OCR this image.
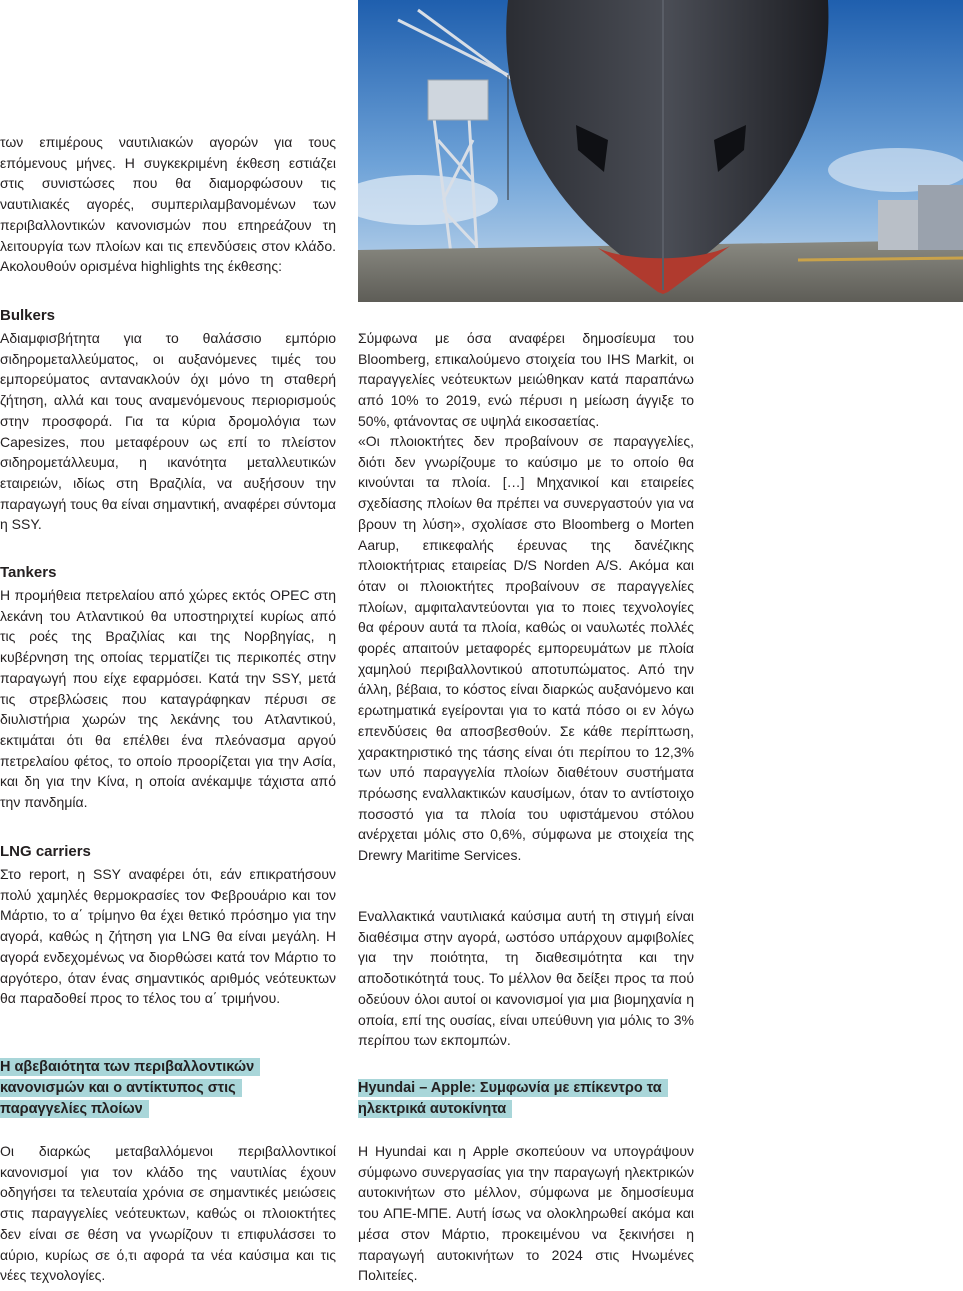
των επιμέρους ναυτιλιακών αγορών για τους επόμενους μήνες. Η συγκεκριμένη έκθεση εστιάζει στις συνιστώσες που θα διαμορφώσουν τις ναυτιλιακές αγορές, συμπεριλαμβανομένων των περιβαλλοντικών κανονισμών που επηρεάζουν τη λειτουργία των πλοίων και τις επενδύσεις στον κλάδο. Ακολουθούν ορισμένα highlights της έκθεσης:

Bulkers

Αδιαμφισβήτητα για το θαλάσσιο εμπόριο σιδηρομεταλλεύματος, οι αυξανόμενες τιμές του εμπορεύματος αντανακλούν όχι μόνο τη σταθερή ζήτηση, αλλά και τους αναμενόμενους περιορισμούς στην προσφορά. Για τα κύρια δρομολόγια των Capesizes, που μεταφέρουν ως επί το πλείστον σιδηρομετάλλευμα, η ικανότητα μεταλλευτικών εταιρειών, ιδίως στη Βραζιλία, να αυξήσουν την παραγωγή τους θα είναι σημαντική, αναφέρει σύντομα η SSY.

Tankers

Η προμήθεια πετρελαίου από χώρες εκτός OPEC στη λεκάνη του Ατλαντικού θα υποστηριχτεί κυρίως από τις ροές της Βραζιλίας και της Νορβηγίας, η κυβέρνηση της οποίας τερματίζει τις περικοπές στην παραγωγή που είχε εφαρμόσει. Κατά την SSY, μετά τις στρεβλώσεις που καταγράφηκαν πέρυσι σε διυλιστήρια χωρών της λεκάνης του Ατλαντικού, εκτιμάται ότι θα επέλθει ένα πλεόνασμα αργού πετρελαίου φέτος, το οποίο προορίζεται για την Ασία, και δη για την Κίνα, η οποία ανέκαμψε τάχιστα από την πανδημία.

LNG carriers

Στο report, η SSY αναφέρει ότι, εάν επικρατήσουν πολύ χαμηλές θερμοκρασίες τον Φεβρουάριο και τον Μάρτιο, το α΄ τρίμηνο θα έχει θετικό πρόσημο για την αγορά, καθώς η ζήτηση για LNG θα είναι μεγάλη. Η αγορά ενδεχομένως να διορθώσει κατά τον Μάρτιο το αργότερο, όταν ένας σημαντικός αριθμός νεότευκτων θα παραδοθεί προς το τέλος του α΄ τριμήνου.

Η αβεβαιότητα των περιβαλλοντικών κανονισμών και ο αντίκτυπος στις παραγγελίες πλοίων

Οι διαρκώς μεταβαλλόμενοι περιβαλλοντικοί κανονισμοί για τον κλάδο της ναυτιλίας έχουν οδηγήσει τα τελευταία χρόνια σε σημαντικές μειώσεις στις παραγγελίες νεότευκτων, καθώς οι πλοιοκτήτες δεν είναι σε θέση να γνωρίζουν τι επιφυλάσσει το αύριο, κυρίως σε ό,τι αφορά τα νέα καύσιμα και τις νέες τεχνολογίες.

Σύμφωνα με όσα αναφέρει δημοσίευμα του Bloomberg, επικαλούμενο στοιχεία του IHS Markit, οι παραγγελίες νεότευκτων μειώθηκαν κατά παραπάνω από 10% το 2019, ενώ πέρυσι η μείωση άγγιξε το 50%, φτάνοντας σε υψηλά εικοσαετίας.

«Οι πλοιοκτήτες δεν προβαίνουν σε παραγγελίες, διότι δεν γνωρίζουμε το καύσιμο με το οποίο θα κινούνται τα πλοία. […] Μηχανικοί και εταιρείες σχεδίασης πλοίων θα πρέπει να συνεργαστούν για να βρουν τη λύση», σχολίασε στο Bloomberg ο Morten Aarup, επικεφαλής έρευνας της δανέζικης πλοιοκτήτριας εταιρείας D/S Norden A/S. Ακόμα και όταν οι πλοιοκτήτες προβαίνουν σε παραγγελίες πλοίων, αμφιταλαντεύονται για το ποιες τεχνολογίες θα φέρουν αυτά τα πλοία, καθώς οι ναυλωτές πολλές φορές απαιτούν μεταφορές εμπορευμάτων με πλοία χαμηλού περιβαλλοντικού αποτυπώματος. Από την άλλη, βέβαια, το κόστος είναι διαρκώς αυξανόμενο και ερωτηματικά εγείρονται για το κατά πόσο οι εν λόγω επενδύσεις θα αποσβεσθούν. Σε κάθε περίπτωση, χαρακτηριστικό της τάσης είναι ότι περίπου το 12,3% των υπό παραγγελία πλοίων διαθέτουν συστήματα πρόωσης εναλλακτικών καυσίμων, όταν το αντίστοιχο ποσοστό για τα πλοία του υφιστάμενου στόλου ανέρχεται μόλις στο 0,6%, σύμφωνα με στοιχεία της Drewry Maritime Services.

Εναλλακτικά ναυτιλιακά καύσιμα αυτή τη στιγμή είναι διαθέσιμα στην αγορά, ωστόσο υπάρχουν αμφιβολίες για την ποιότητα, τη διαθεσιμότητα και την αποδοτικότητά τους. Το μέλλον θα δείξει προς τα πού οδεύουν όλοι αυτοί οι κανονισμοί για μια βιομηχανία η οποία, επί της ουσίας, είναι υπεύθυνη για μόλις το 3% περίπου των εκπομπών.

Hyundai – Apple: Συμφωνία με επίκεντρο τα ηλεκτρικά αυτοκίνητα

Η Hyundai και η Apple σκοπεύουν να υπογράψουν σύμφωνο συνεργασίας για την παραγωγή ηλεκτρικών αυτοκινήτων στο μέλλον, σύμφωνα με δημοσίευμα του ΑΠΕ-ΜΠΕ. Αυτή ίσως να ολοκληρωθεί ακόμα και μέσα στον Μάρτιο, προκειμένου να ξεκινήσει η παραγωγή αυτοκινήτων το 2024 στις Ηνωμένες Πολιτείες.
